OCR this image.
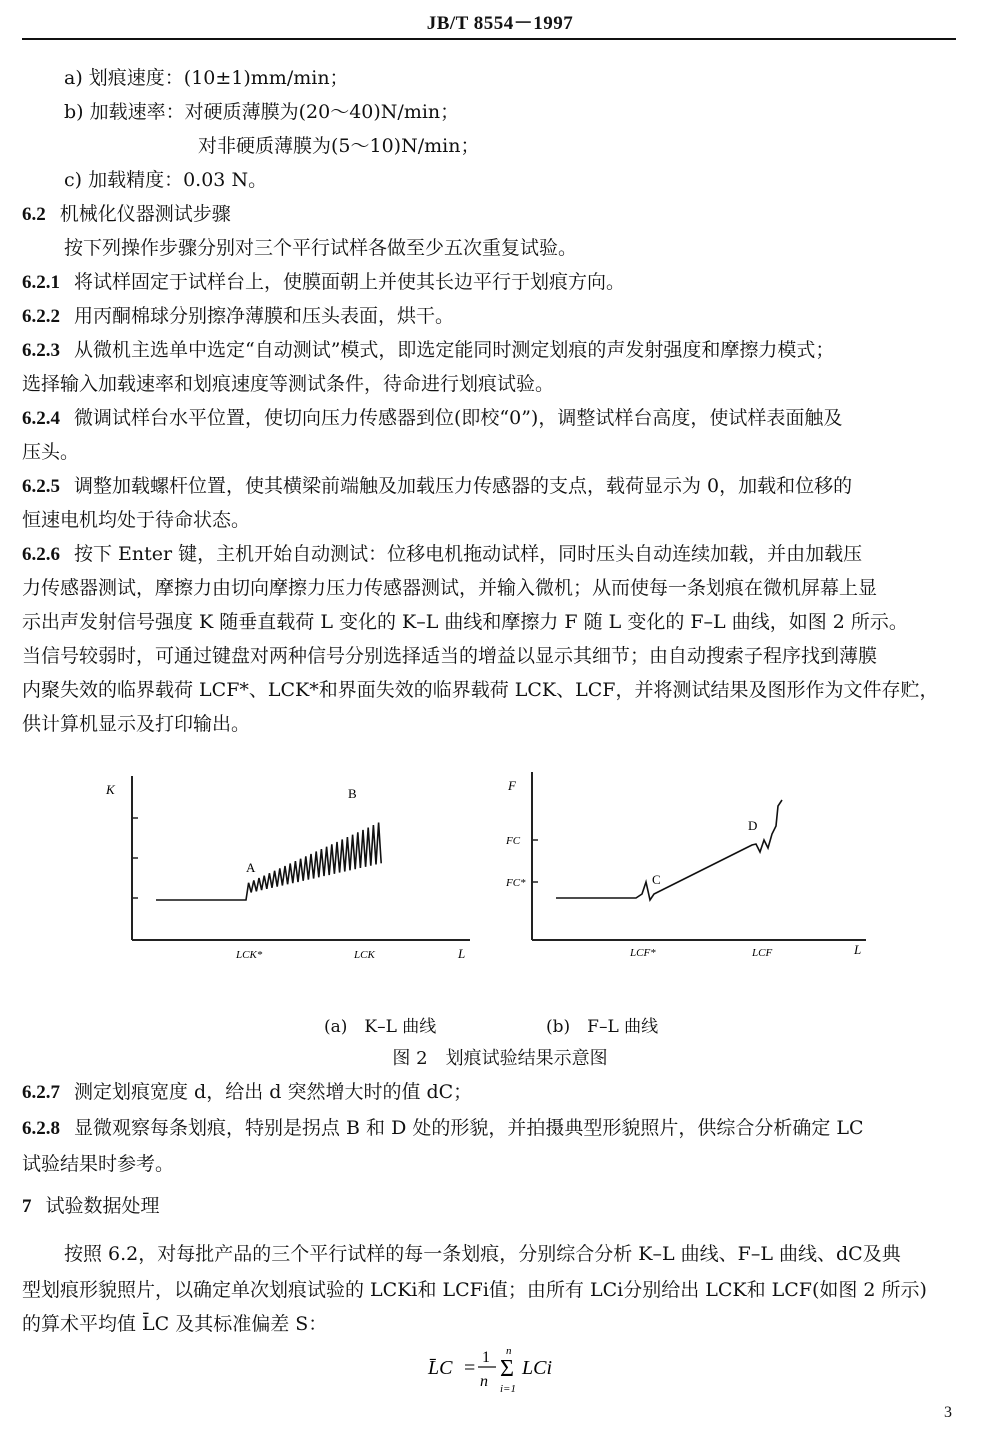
JB/T 8554－1997
a) 划痕速度：(10±1)mm/min；
b) 加载速率：对硬质薄膜为(20～40)N/min；
对非硬质薄膜为(5～10)N/min；
c) 加载精度：0.03 N。
6.2 机械化仪器测试步骤
按下列操作步骤分别对三个平行试样各做至少五次重复试验。
6.2.1 将试样固定于试样台上，使膜面朝上并使其长边平行于划痕方向。
6.2.2 用丙酮棉球分别擦净薄膜和压头表面，烘干。
6.2.3 从微机主选单中选定“自动测试”模式，即选定能同时测定划痕的声发射强度和摩擦力模式；
选择输入加载速率和划痕速度等测试条件，待命进行划痕试验。
6.2.4 微调试样台水平位置，使切向压力传感器到位(即校“0”)，调整试样台高度，使试样表面触及
压头。
6.2.5 调整加载螺杆位置，使其横梁前端触及加载压力传感器的支点，载荷显示为 0，加载和位移的
恒速电机均处于待命状态。
6.2.6 按下 Enter 键，主机开始自动测试：位移电机拖动试样，同时压头自动连续加载，并由加载压
力传感器测试，摩擦力由切向摩擦力压力传感器测试，并输入微机；从而使每一条划痕在微机屏幕上显
示出声发射信号强度 K 随垂直载荷 L 变化的 K–L 曲线和摩擦力 F 随 L 变化的 F–L 曲线，如图 2 所示。
当信号较弱时，可通过键盘对两种信号分别选择适当的增益以显示其细节；由自动搜索子程序找到薄膜
内聚失效的临界载荷 LCF*、LCK*和界面失效的临界载荷 LCK、LCF，并将测试结果及图形作为文件存贮，
供计算机显示及打印输出。
K
L
LCK*	LCK
A
B
F
FC
FC*
L
LCF*	LCF
C
D
(a)　K–L 曲线	(b)　F–L 曲线
图 2　划痕试验结果示意图
6.2.7 测定划痕宽度 d，给出 d 突然增大时的值 dC；
6.2.8 显微观察每条划痕，特别是拐点 B 和 D 处的形貌，并拍摄典型形貌照片，供综合分析确定 LC
试验结果时参考。
7 试验数据处理
按照 6.2，对每批产品的三个平行试样的每一条划痕，分别综合分析 K–L 曲线、F–L 曲线、dC及典
型划痕形貌照片，以确定单次划痕试验的 LCKi和 LCFi值；由所有 LCi分别给出 LCK和 LCF(如图 2 所示)
的算术平均值 L̄C 及其标准偏差 S：
L̄C = 1
n
n
Σ
i=1
LCi
3
